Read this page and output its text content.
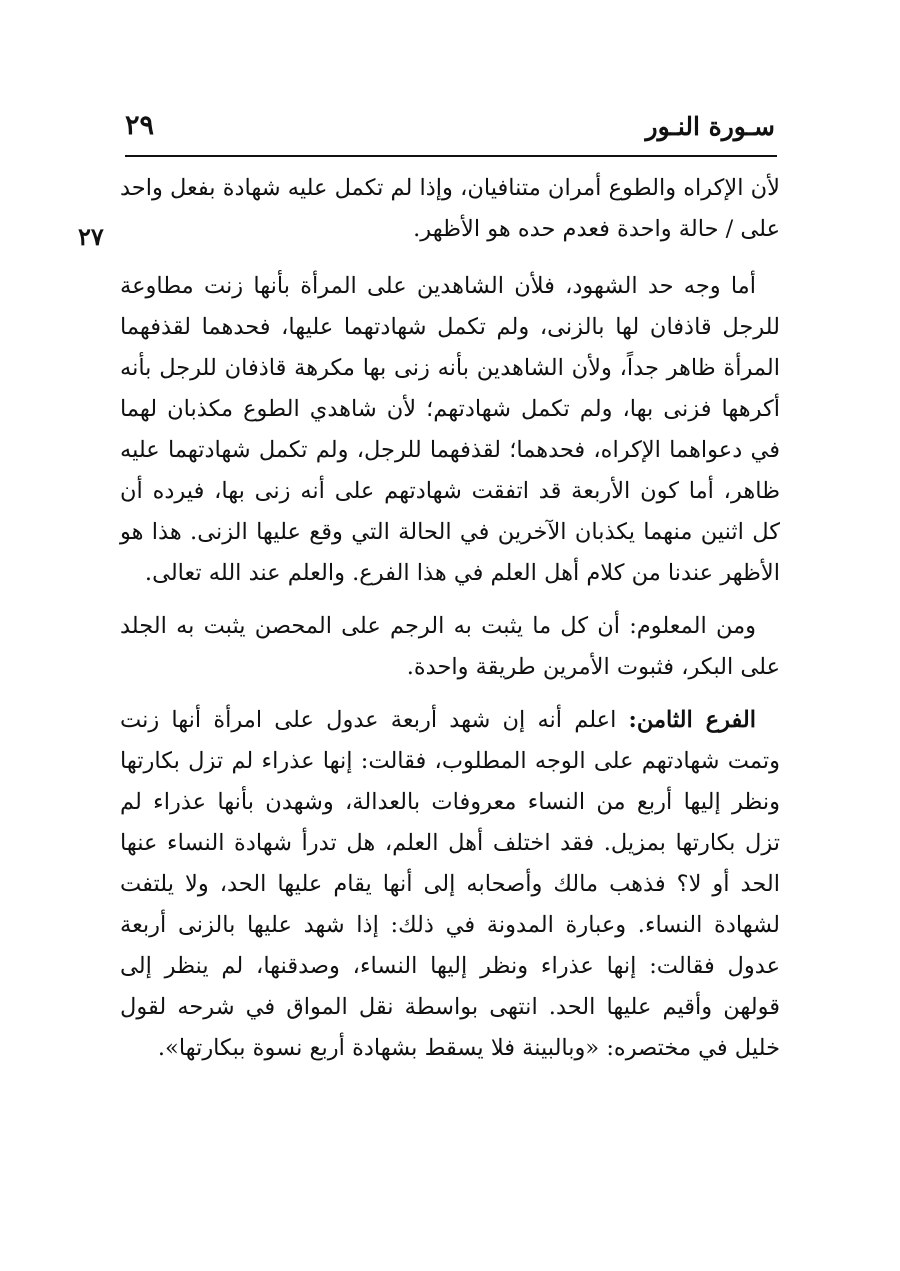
سـورة النـور
٢٩
٢٧

لأن الإكراه والطوع أمران متنافيان، وإذا لم تكمل عليه شهادة بفعل واحد على / حالة واحدة فعدم حده هو الأظهر.

أما وجه حد الشهود، فلأن الشاهدين على المرأة بأنها زنت مطاوعة للرجل قاذفان لها بالزنى، ولم تكمل شهادتهما عليها، فحدهما لقذفهما المرأة ظاهر جداً، ولأن الشاهدين بأنه زنى بها مكرهة قاذفان للرجل بأنه أكرهها فزنى بها، ولم تكمل شهادتهم؛ لأن شاهدي الطوع مكذبان لهما في دعواهما الإكراه، فحدهما؛ لقذفهما للرجل، ولم تكمل شهادتهما عليه ظاهر، أما كون الأربعة قد اتفقت شهادتهم على أنه زنى بها، فيرده أن كل اثنين منهما يكذبان الآخرين في الحالة التي وقع عليها الزنى. هذا هو الأظهر عندنا من كلام أهل العلم في هذا الفرع. والعلم عند الله تعالى.

ومن المعلوم: أن كل ما يثبت به الرجم على المحصن يثبت به الجلد على البكر، فثبوت الأمرين طريقة واحدة.

الفرع الثامن: اعلم أنه إن شهد أربعة عدول على امرأة أنها زنت وتمت شهادتهم على الوجه المطلوب، فقالت: إنها عذراء لم تزل بكارتها ونظر إليها أربع من النساء معروفات بالعدالة، وشهدن بأنها عذراء لم تزل بكارتها بمزيل. فقد اختلف أهل العلم، هل تدرأ شهادة النساء عنها الحد أو لا؟ فذهب مالك وأصحابه إلى أنها يقام عليها الحد، ولا يلتفت لشهادة النساء. وعبارة المدونة في ذلك: إذا شهد عليها بالزنى أربعة عدول فقالت: إنها عذراء ونظر إليها النساء، وصدقنها، لم ينظر إلى قولهن وأقيم عليها الحد. انتهى بواسطة نقل المواق في شرحه لقول خليل في مختصره: «وبالبينة فلا يسقط بشهادة أربع نسوة ببكارتها».
